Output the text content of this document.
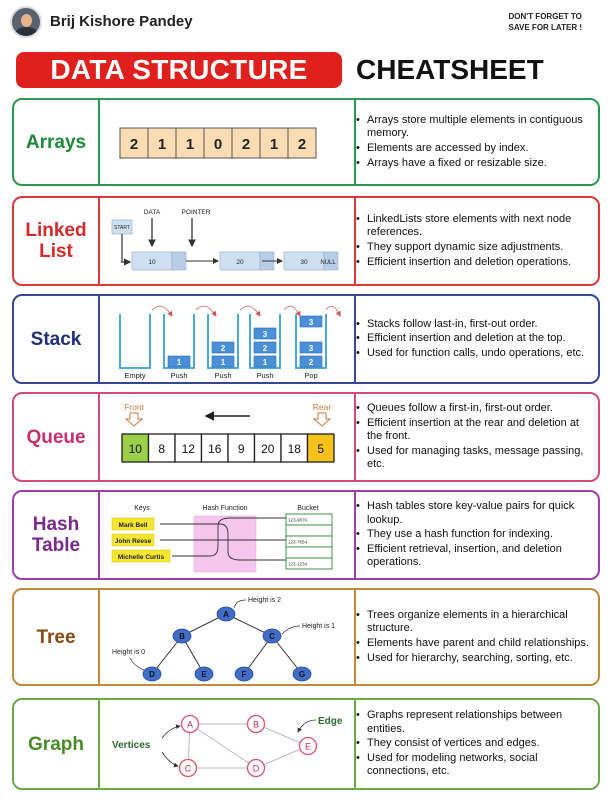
Brij Kishore Pandey	DON'T FORGET TO
SAVE FOR LATER !
DATA STRUCTURE	CHEATSHEET
Arrays	2 1 1 0 2 1 2
• Arrays store multiple elements in contiguous memory.
• Elements are accessed by index.
• Arrays have a fixed or resizable size.
Linked
List
START
DATA	POINTER
10	20	30 NULL
• LinkedLists store elements with next node references.
• They support dynamic size adjustments.
• Efficient insertion and deletion operations.
Stack
Empty	Push
1
Push
2
1
Push
3
2
1
Pop
3
2
3
•	Stacks follow last-in, first-out order.
• Efficient insertion and deletion at the top.
• Used for function calls, undo operations, etc.
Queue
Front	Rear
10 8 12 16 9 20 18 5
• Queues follow a first-in, first-out order.
• Efficient insertion at the rear and deletion at the front.
• Used for managing tasks, message passing, etc.
Hash
Table
Keys	Hash Function	Bucket
Mark Bell
John Reese
Michelle Curtis
123-9876
123-7654
123-1234
• Hash tables store key-value pairs for quick lookup.
• They use a hash function for indexing.
• Efficient retrieval, insertion, and deletion operations.
Tree
A
B	C
D	E	F	G
Height is 2
Height is 1
Height is 0
• Trees organize elements in a hierarchical structure.
• Elements have parent and child relationships.
• Used for hierarchy, searching, sorting, etc.
Graph
A	B
E
C	D
Vertices
Edge
• Graphs represent relationships between entities.
• They consist of vertices and edges.
• Used for modeling networks, social connections, etc.
